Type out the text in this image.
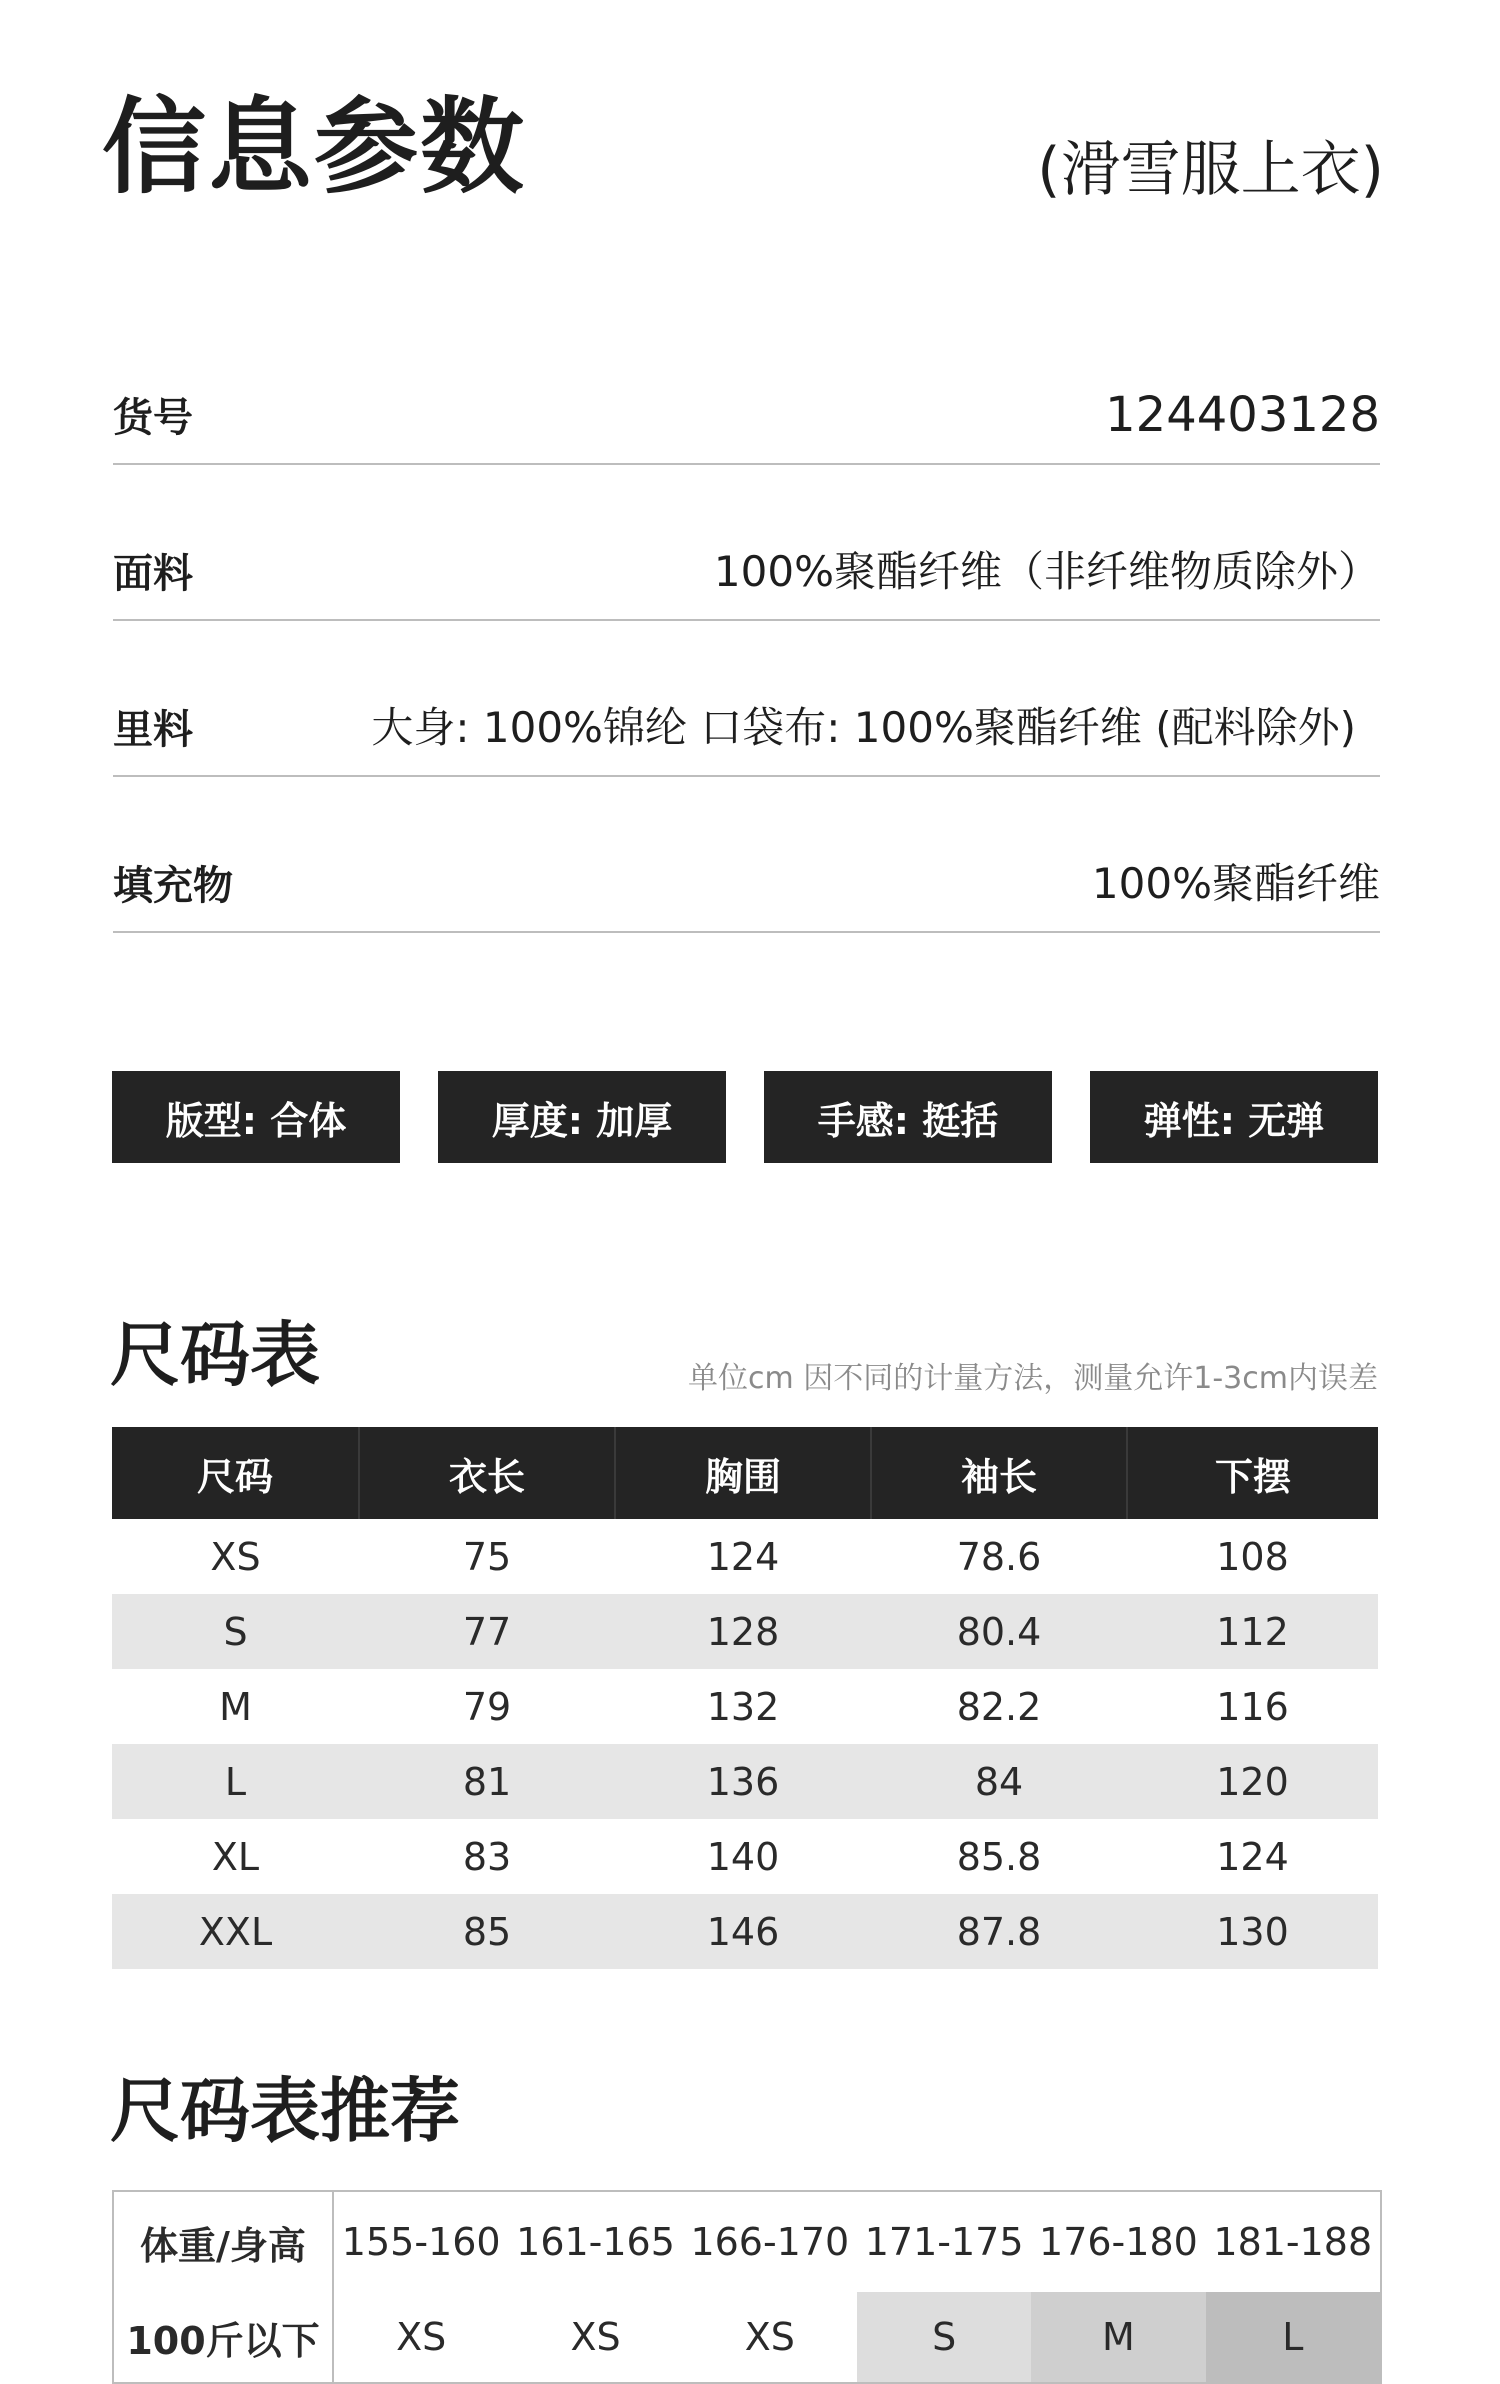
信息参数	(滑雪服上衣)
货号	124403128
面料	100%聚酯纤维（非纤维物质除外）
里料	大身: 100%锦纶 口袋布: 100%聚酯纤维 (配料除外)
填充物	100%聚酯纤维
版型: 合体	厚度: 加厚	手感: 挺括	弹性: 无弹
尺码表	单位cm 因不同的计量方法，测量允许1-3cm内误差
尺码	衣长	胸围	袖长	下摆
XS	75	124	78.6	108
S	77	128	80.4	112
M	79	132	82.2	116
L	81	136	84	120
XL	83	140	85.8	124
XXL	85	146	87.8	130
尺码表推荐
体重/身高	155-160	161-165	166-170	171-175	176-180	181-188
100斤以下	XS	XS	XS	S	M	L
